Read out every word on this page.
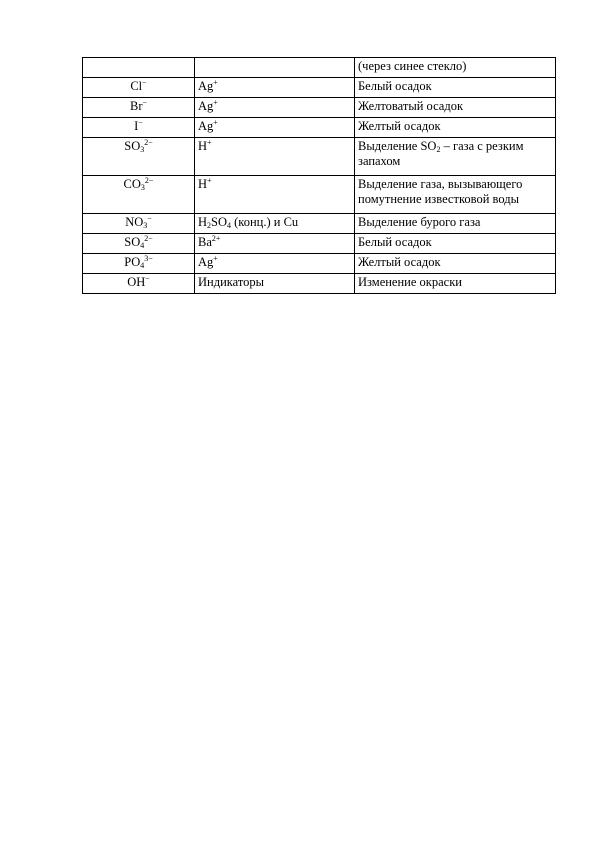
		(через синее стекло)
Cl−	Ag+	Белый осадок
Br−	Ag+	Желтоватый осадок
I−	Ag+	Желтый осадок
$SO_3^{2-}$	H+	Выделение $SO_2$ – газа с резким запахом
$CO_3^{2-}$	H+	Выделение газа, вызывающего помутнение известковой воды
$NO_3^-$	$H_2SO_4$ (конц.) и Cu	Выделение бурого газа
$SO_4^{2-}$	$Ba^{2+}$	Белый осадок
$PO_4^{3-}$	Ag+	Желтый осадок
OH−	Индикаторы	Изменение окраски
